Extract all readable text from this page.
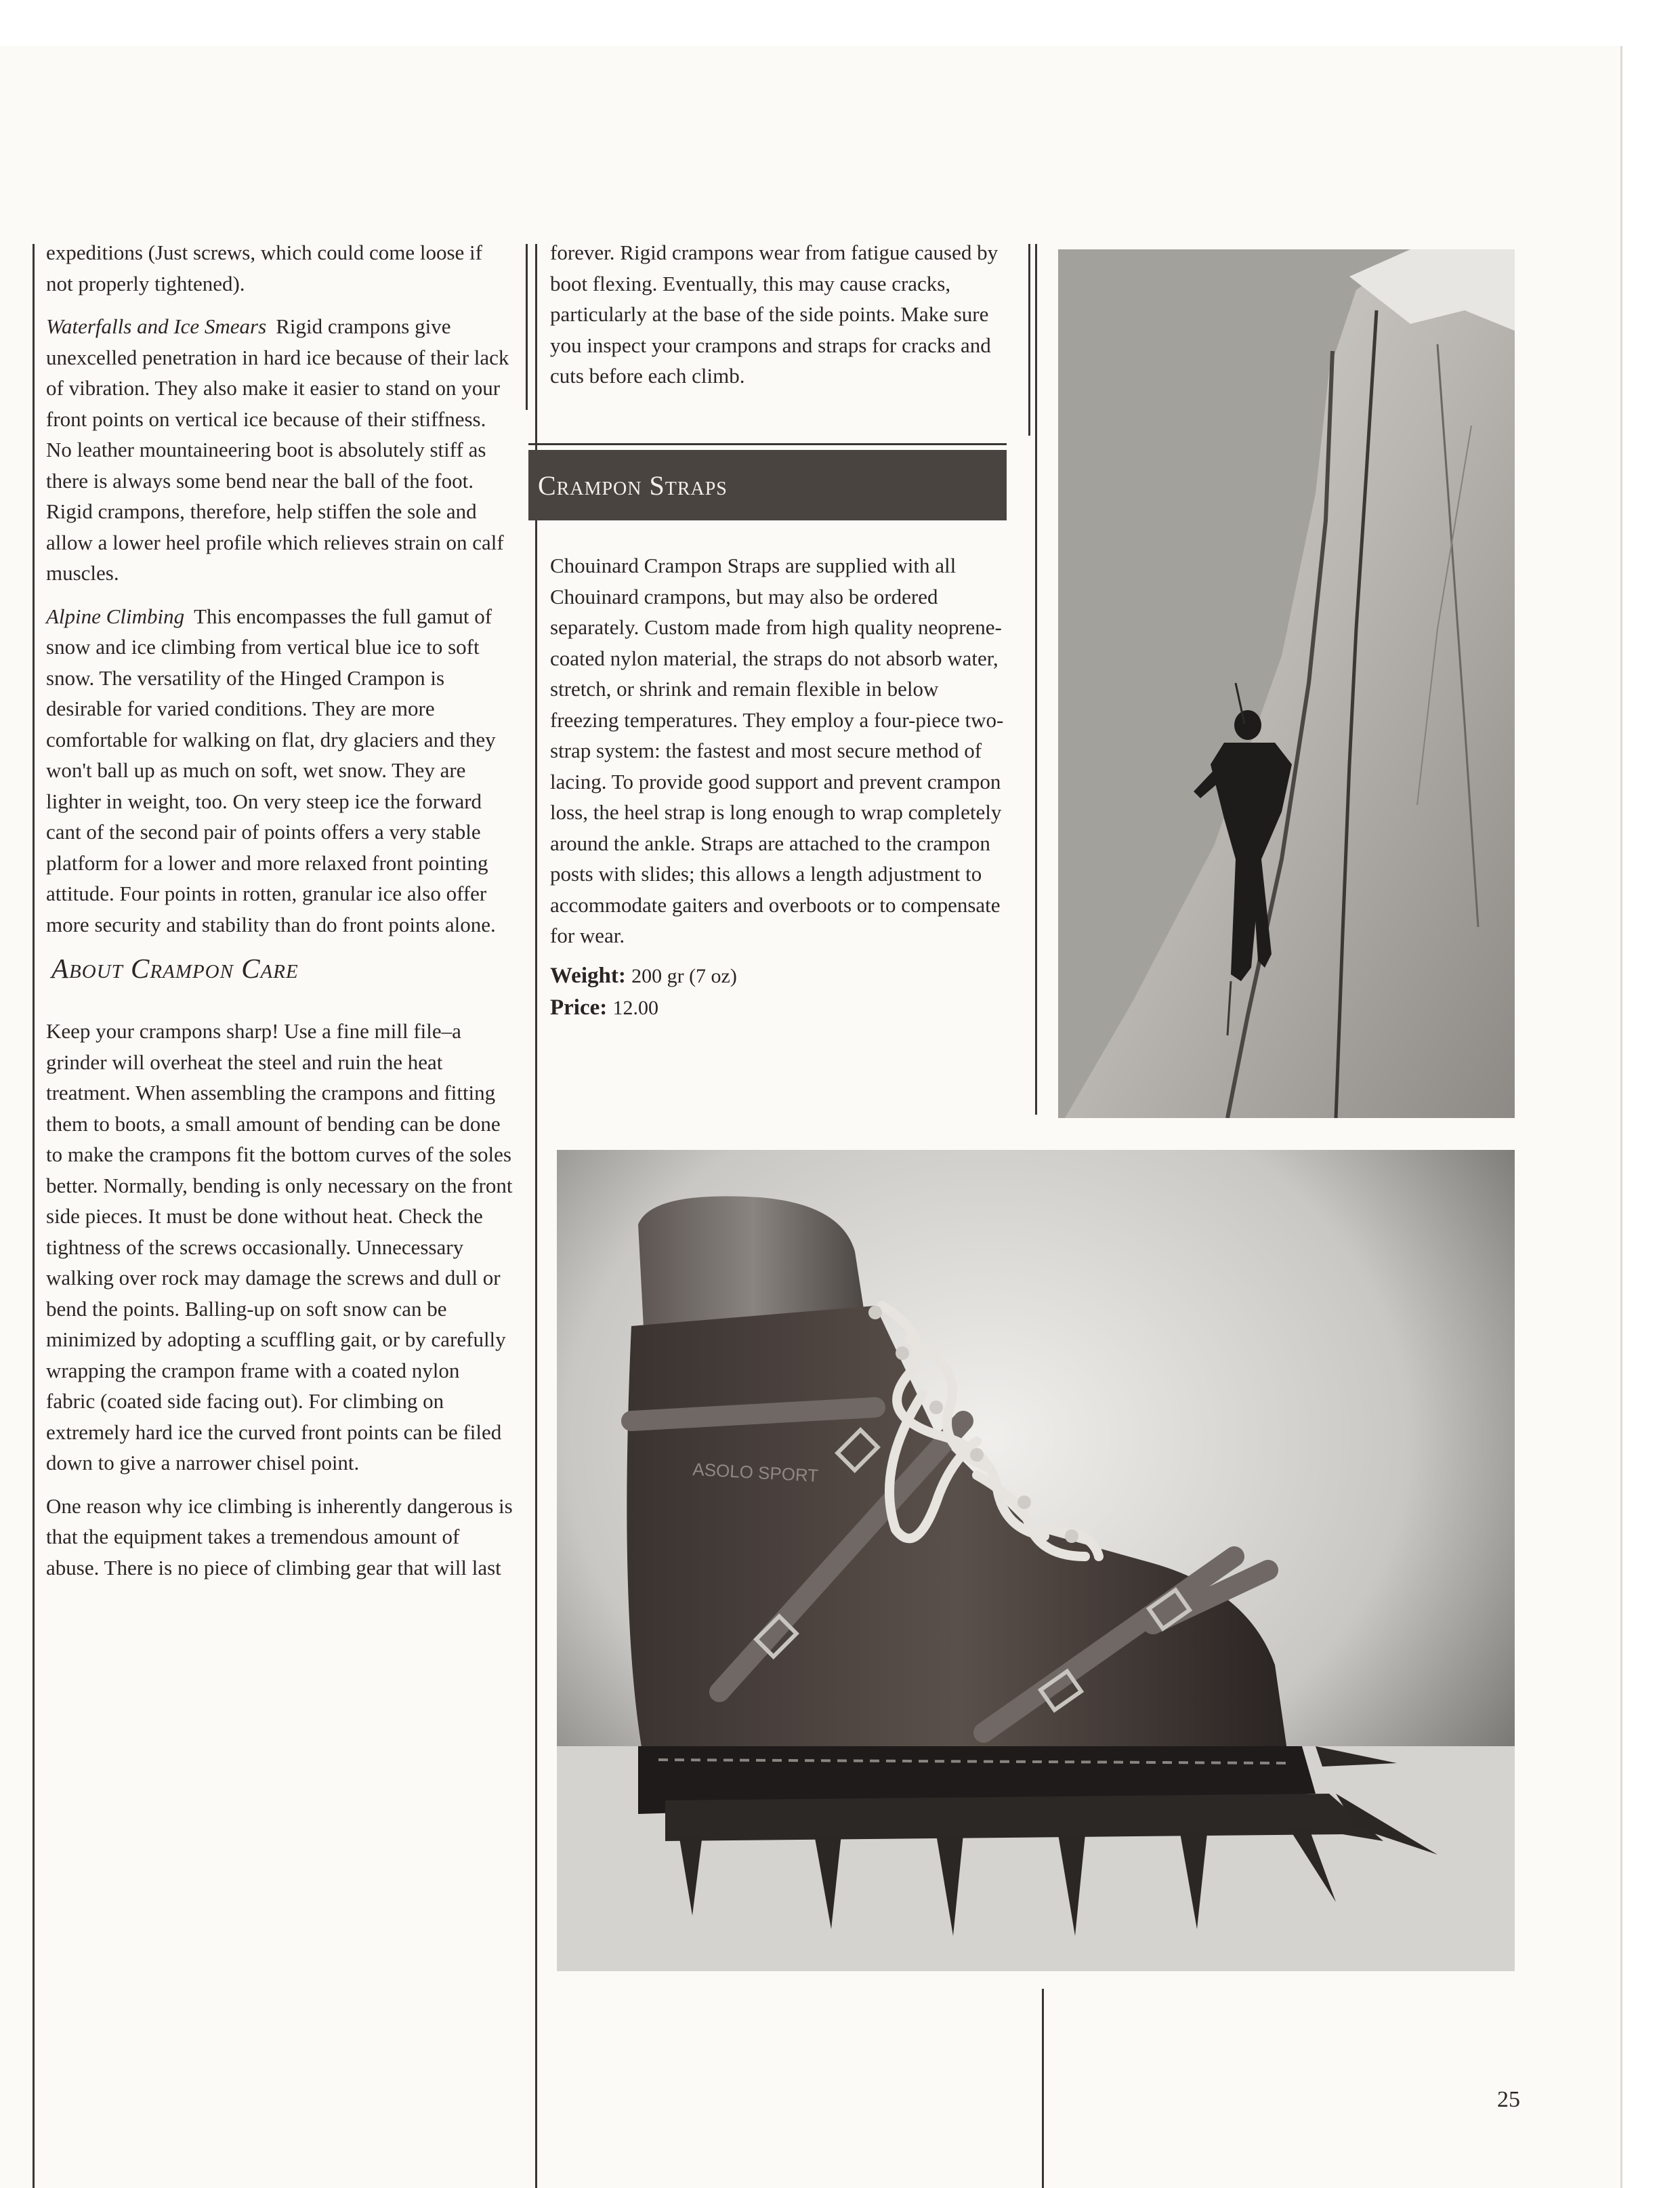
expeditions (Just screws, which could come loose if not properly tightened).

Waterfalls and Ice Smears Rigid crampons give unexcelled penetration in hard ice because of their lack of vibration. They also make it easier to stand on your front points on vertical ice because of their stiffness. No leather mountaineering boot is absolutely stiff as there is always some bend near the ball of the foot. Rigid crampons, therefore, help stiffen the sole and allow a lower heel profile which relieves strain on calf muscles.

Alpine Climbing This encompasses the full gamut of snow and ice climbing from vertical blue ice to soft snow. The versatility of the Hinged Crampon is desirable for varied conditions. They are more comfortable for walking on flat, dry glaciers and they won't ball up as much on soft, wet snow. They are lighter in weight, too. On very steep ice the forward cant of the second pair of points offers a very stable platform for a lower and more relaxed front pointing attitude. Four points in rotten, granular ice also offer more security and stability than do front points alone.

About Crampon Care

Keep your crampons sharp! Use a fine mill file–a grinder will overheat the steel and ruin the heat treatment. When assembling the crampons and fitting them to boots, a small amount of bending can be done to make the crampons fit the bottom curves of the soles better. Normally, bending is only necessary on the front side pieces. It must be done without heat. Check the tightness of the screws occasionally. Unnecessary walking over rock may damage the screws and dull or bend the points. Balling-up on soft snow can be minimized by adopting a scuffling gait, or by carefully wrapping the crampon frame with a coated nylon fabric (coated side facing out). For climbing on extremely hard ice the curved front points can be filed down to give a narrower chisel point.

One reason why ice climbing is inherently dangerous is that the equipment takes a tremendous amount of abuse. There is no piece of climbing gear that will last

forever. Rigid crampons wear from fatigue caused by boot flexing. Eventually, this may cause cracks, particularly at the base of the side points. Make sure you inspect your crampons and straps for cracks and cuts before each climb.

Crampon Straps

Chouinard Crampon Straps are supplied with all Chouinard crampons, but may also be ordered separately. Custom made from high quality neoprene-coated nylon material, the straps do not absorb water, stretch, or shrink and remain flexible in below freezing temperatures. They employ a four-piece two-strap system: the fastest and most secure method of lacing. To provide good support and prevent crampon loss, the heel strap is long enough to wrap completely around the ankle. Straps are attached to the crampon posts with slides; this allows a length adjustment to accommodate gaiters and overboots or to compensate for wear.

Weight: 200 gr (7 oz)

Price: 12.00

ASOLO SPORT
25
